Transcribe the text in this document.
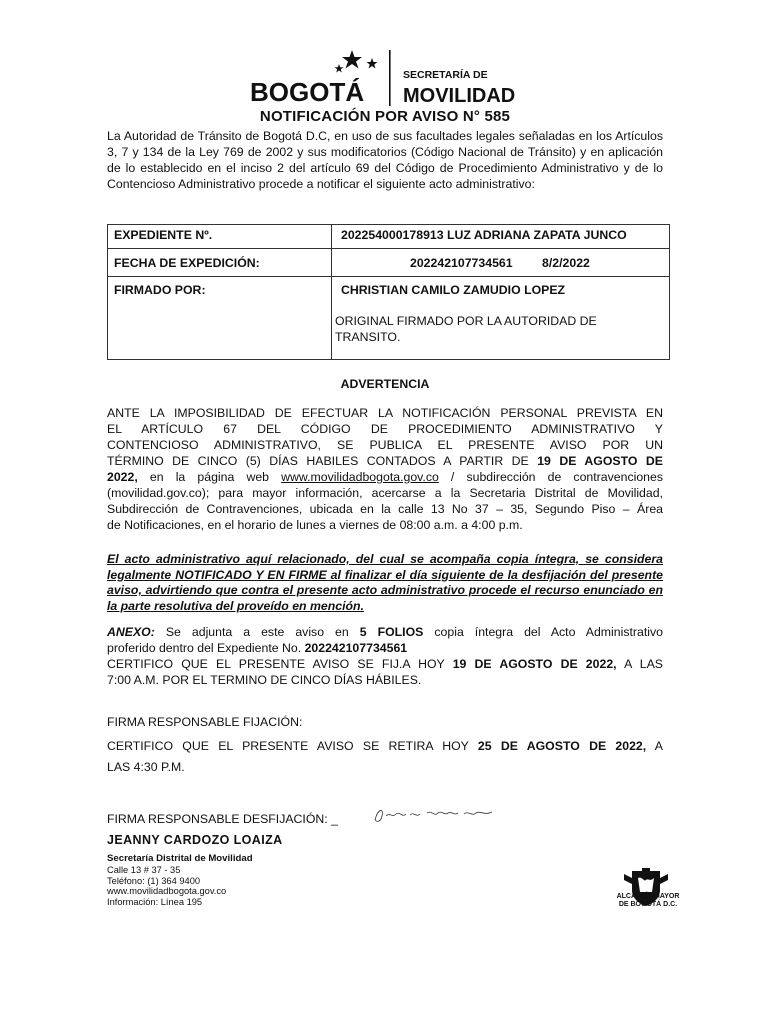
BOGOTÁ
SECRETARÍA DE
MOVILIDAD
NOTIFICACIÓN POR AVISO N° 585
La Autoridad de Tránsito de Bogotá D.C, en uso de sus facultades legales señaladas en los Artículos 3, 7 y 134 de la Ley 769 de 2002 y sus modificatorios (Código Nacional de Tránsito) y en aplicación de lo establecido en el inciso 2 del artículo 69 del Código de Procedimiento Administrativo y de lo Contencioso Administrativo procede a notificar el siguiente acto administrativo:
EXPEDIENTE Nº.	202254000178913 LUZ ADRIANA ZAPATA JUNCO
FECHA DE EXPEDICIÓN:	202242107734561 8/2/2022
FIRMADO POR:	CHRISTIAN CAMILO ZAMUDIO LOPEZ
ORIGINAL FIRMADO POR LA AUTORIDAD DE
TRANSITO.
ADVERTENCIA
ANTE LA IMPOSIBILIDAD DE EFECTUAR LA NOTIFICACIÓN PERSONAL PREVISTA EN
EL ARTÍCULO 67 DEL CÓDIGO DE PROCEDIMIENTO ADMINISTRATIVO Y
CONTENCIOSO ADMINISTRATIVO, SE PUBLICA EL PRESENTE AVISO POR UN
TÉRMINO DE CINCO (5) DÍAS HABILES CONTADOS A PARTIR DE 19 DE AGOSTO DE
2022, en la página web www.movilidadbogota.gov.co / subdirección de contravenciones
(movilidad.gov.co); para mayor información, acercarse a la Secretaria Distrital de Movilidad,
Subdirección de Contravenciones, ubicada en la calle 13 No 37 – 35, Segundo Piso – Área
de Notificaciones, en el horario de lunes a viernes de 08:00 a.m. a 4:00 p.m.
El acto administrativo aquí relacionado, del cual se acompaña copia íntegra, se considera legalmente NOTIFICADO Y EN FIRME al finalizar el día siguiente de la desfijación del presente aviso, advirtiendo que contra el presente acto administrativo procede el recurso enunciado en la parte resolutiva del proveído en mención.
ANEXO: Se adjunta a este aviso en 5 FOLIOS copia íntegra del Acto Administrativo
proferido dentro del Expediente No. 202242107734561
CERTIFICO QUE EL PRESENTE AVISO SE FIJ.A HOY 19 DE AGOSTO DE 2022, A LAS
7:00 A.M. POR EL TERMINO DE CINCO DÍAS HÁBILES.
FIRMA RESPONSABLE FIJACIÓN:
CERTIFICO QUE EL PRESENTE AVISO SE RETIRA HOY 25 DE AGOSTO DE 2022, A
LAS 4:30 P.M.
FIRMA RESPONSABLE DESFIJACIÓN: _
JEANNY CARDOZO LOAIZA
Secretaría Distrital de Movilidad
Calle 13 # 37 - 35
Teléfono: (1) 364 9400
www.movilidadbogota.gov.co
Información: Línea 195
ALCALDÍA MAYOR
DE BOGOTÁ D.C.
